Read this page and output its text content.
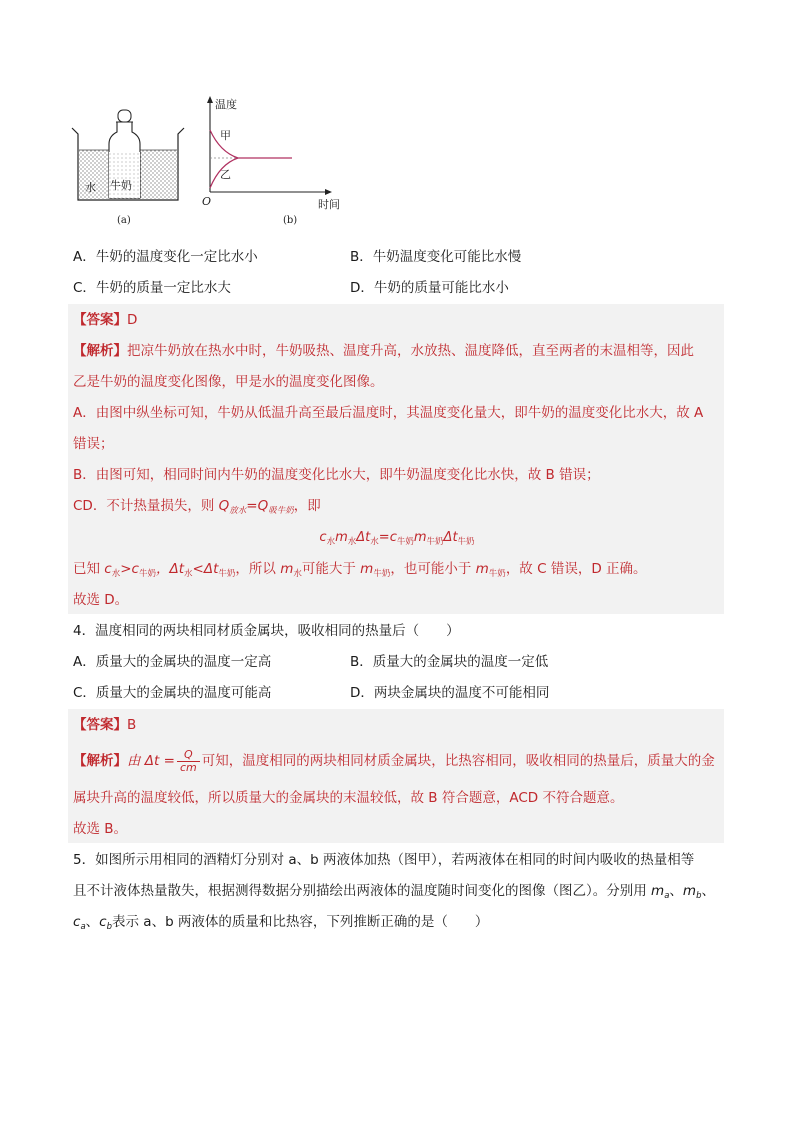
水 牛奶
(a)
温度
时间
O
甲
乙
(b)
A．牛奶的温度变化一定比水小	B．牛奶温度变化可能比水慢
C．牛奶的质量一定比水大	D．牛奶的质量可能比水小
【答案】D
【解析】把凉牛奶放在热水中时，牛奶吸热、温度升高，水放热、温度降低，直至两者的末温相等，因此
乙是牛奶的温度变化图像，甲是水的温度变化图像。
A．由图中纵坐标可知，牛奶从低温升高至最后温度时，其温度变化量大，即牛奶的温度变化比水大，故 A
错误；
B．由图可知，相同时间内牛奶的温度变化比水大，即牛奶温度变化比水快，故 B 错误；
CD．不计热量损失，则 $Q_{放水}=Q_{吸牛奶}$，即
$c_水m_水\Delta t_水=c_{牛奶}m_{牛奶}\Delta t_{牛奶}$
已知 $c_水>c_{牛奶}$，$\Delta t_水<\Delta t_{牛奶}$，所以 $m_水$可能大于 $m_{牛奶}$，也可能小于 $m_{牛奶}$，故 C 错误，D 正确。
故选 D。
4．温度相同的两块相同材质金属块，吸收相同的热量后（　　）
A．质量大的金属块的温度一定高	B．质量大的金属块的温度一定低
C．质量大的金属块的温度可能高	D．两块金属块的温度不可能相同
【答案】B
【解析】由 $\Delta t = \frac{Q}{cm}$ 可知，温度相同的两块相同材质金属块，比热容相同，吸收相同的热量后，质量大的金
属块升高的温度较低，所以质量大的金属块的末温较低，故 B 符合题意，ACD 不符合题意。
故选 B。
5．如图所示用相同的酒精灯分别对 a、b 两液体加热（图甲），若两液体在相同的时间内吸收的热量相等
且不计液体热量散失，根据测得数据分别描绘出两液体的温度随时间变化的图像（图乙）。分别用 $m_a$、$m_b$、
$c_a$、$c_b$表示 a、b 两液体的质量和比热容，下列推断正确的是（　　）
